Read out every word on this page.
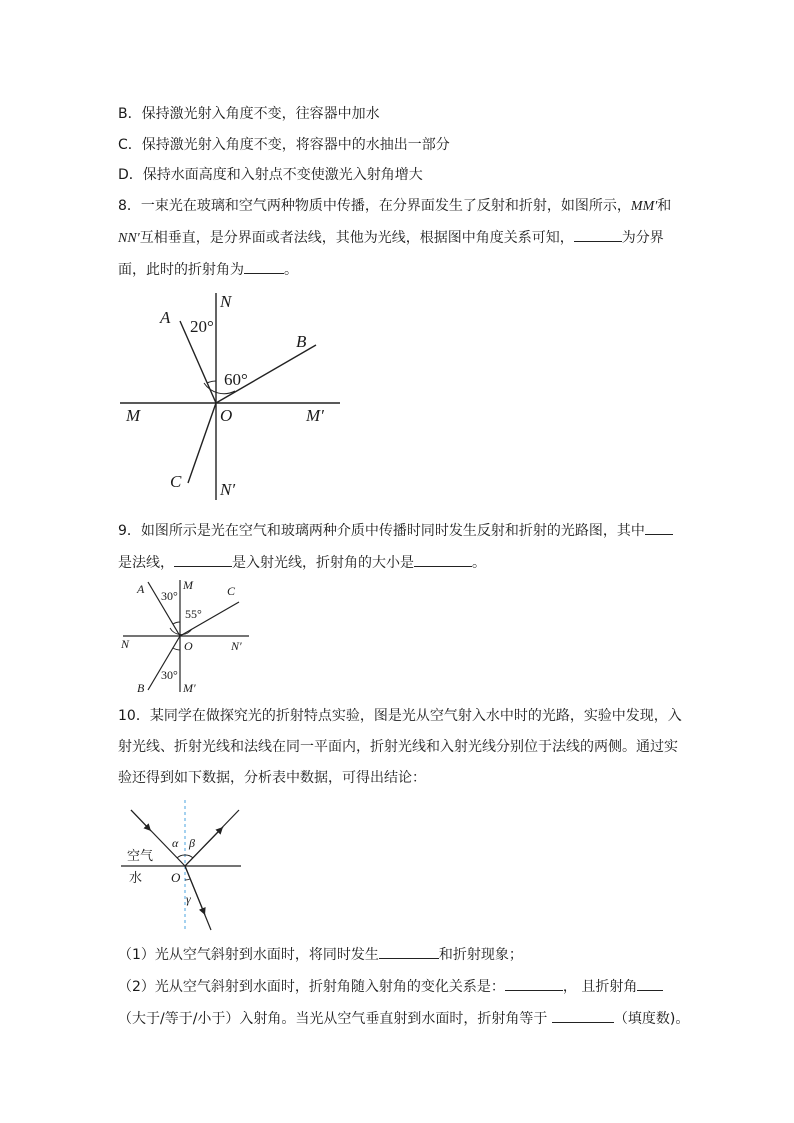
B．保持激光射入角度不变，往容器中加水
C．保持激光射入角度不变，将容器中的水抽出一部分
D．保持水面高度和入射点不变使激光入射角增大
8．一束光在玻璃和空气两种物质中传播，在分界面发生了反射和折射，如图所示，MM′和
NN′互相垂直，是分界面或者法线，其他为光线，根据图中角度关系可知，	为分界
面，此时的折射角为	。
A
N
B
20°
60°
M	O	M′
C N′
9．如图所示是光在空气和玻璃两种介质中传播时同时发生反射和折射的光路图，其中
是法线，	是入射光线，折射角的大小是	。
A	M	C
30°
55°
N	O	N′
30°
B	M′
10．某同学在做探究光的折射特点实验，图是光从空气射入水中时的光路，实验中发现，入
射光线、折射光线和法线在同一平面内，折射光线和入射光线分别位于法线的两侧。通过实
验还得到如下数据，分析表中数据，可得出结论：
α β
空气
水 O
γ
（1）光从空气斜射到水面时，将同时发生	和折射现象；
（2）光从空气斜射到水面时，折射角随入射角的变化关系是：	， 且折射角
（大于/等于/小于）入射角。当光从空气垂直射到水面时，折射角等于	（填度数)。
